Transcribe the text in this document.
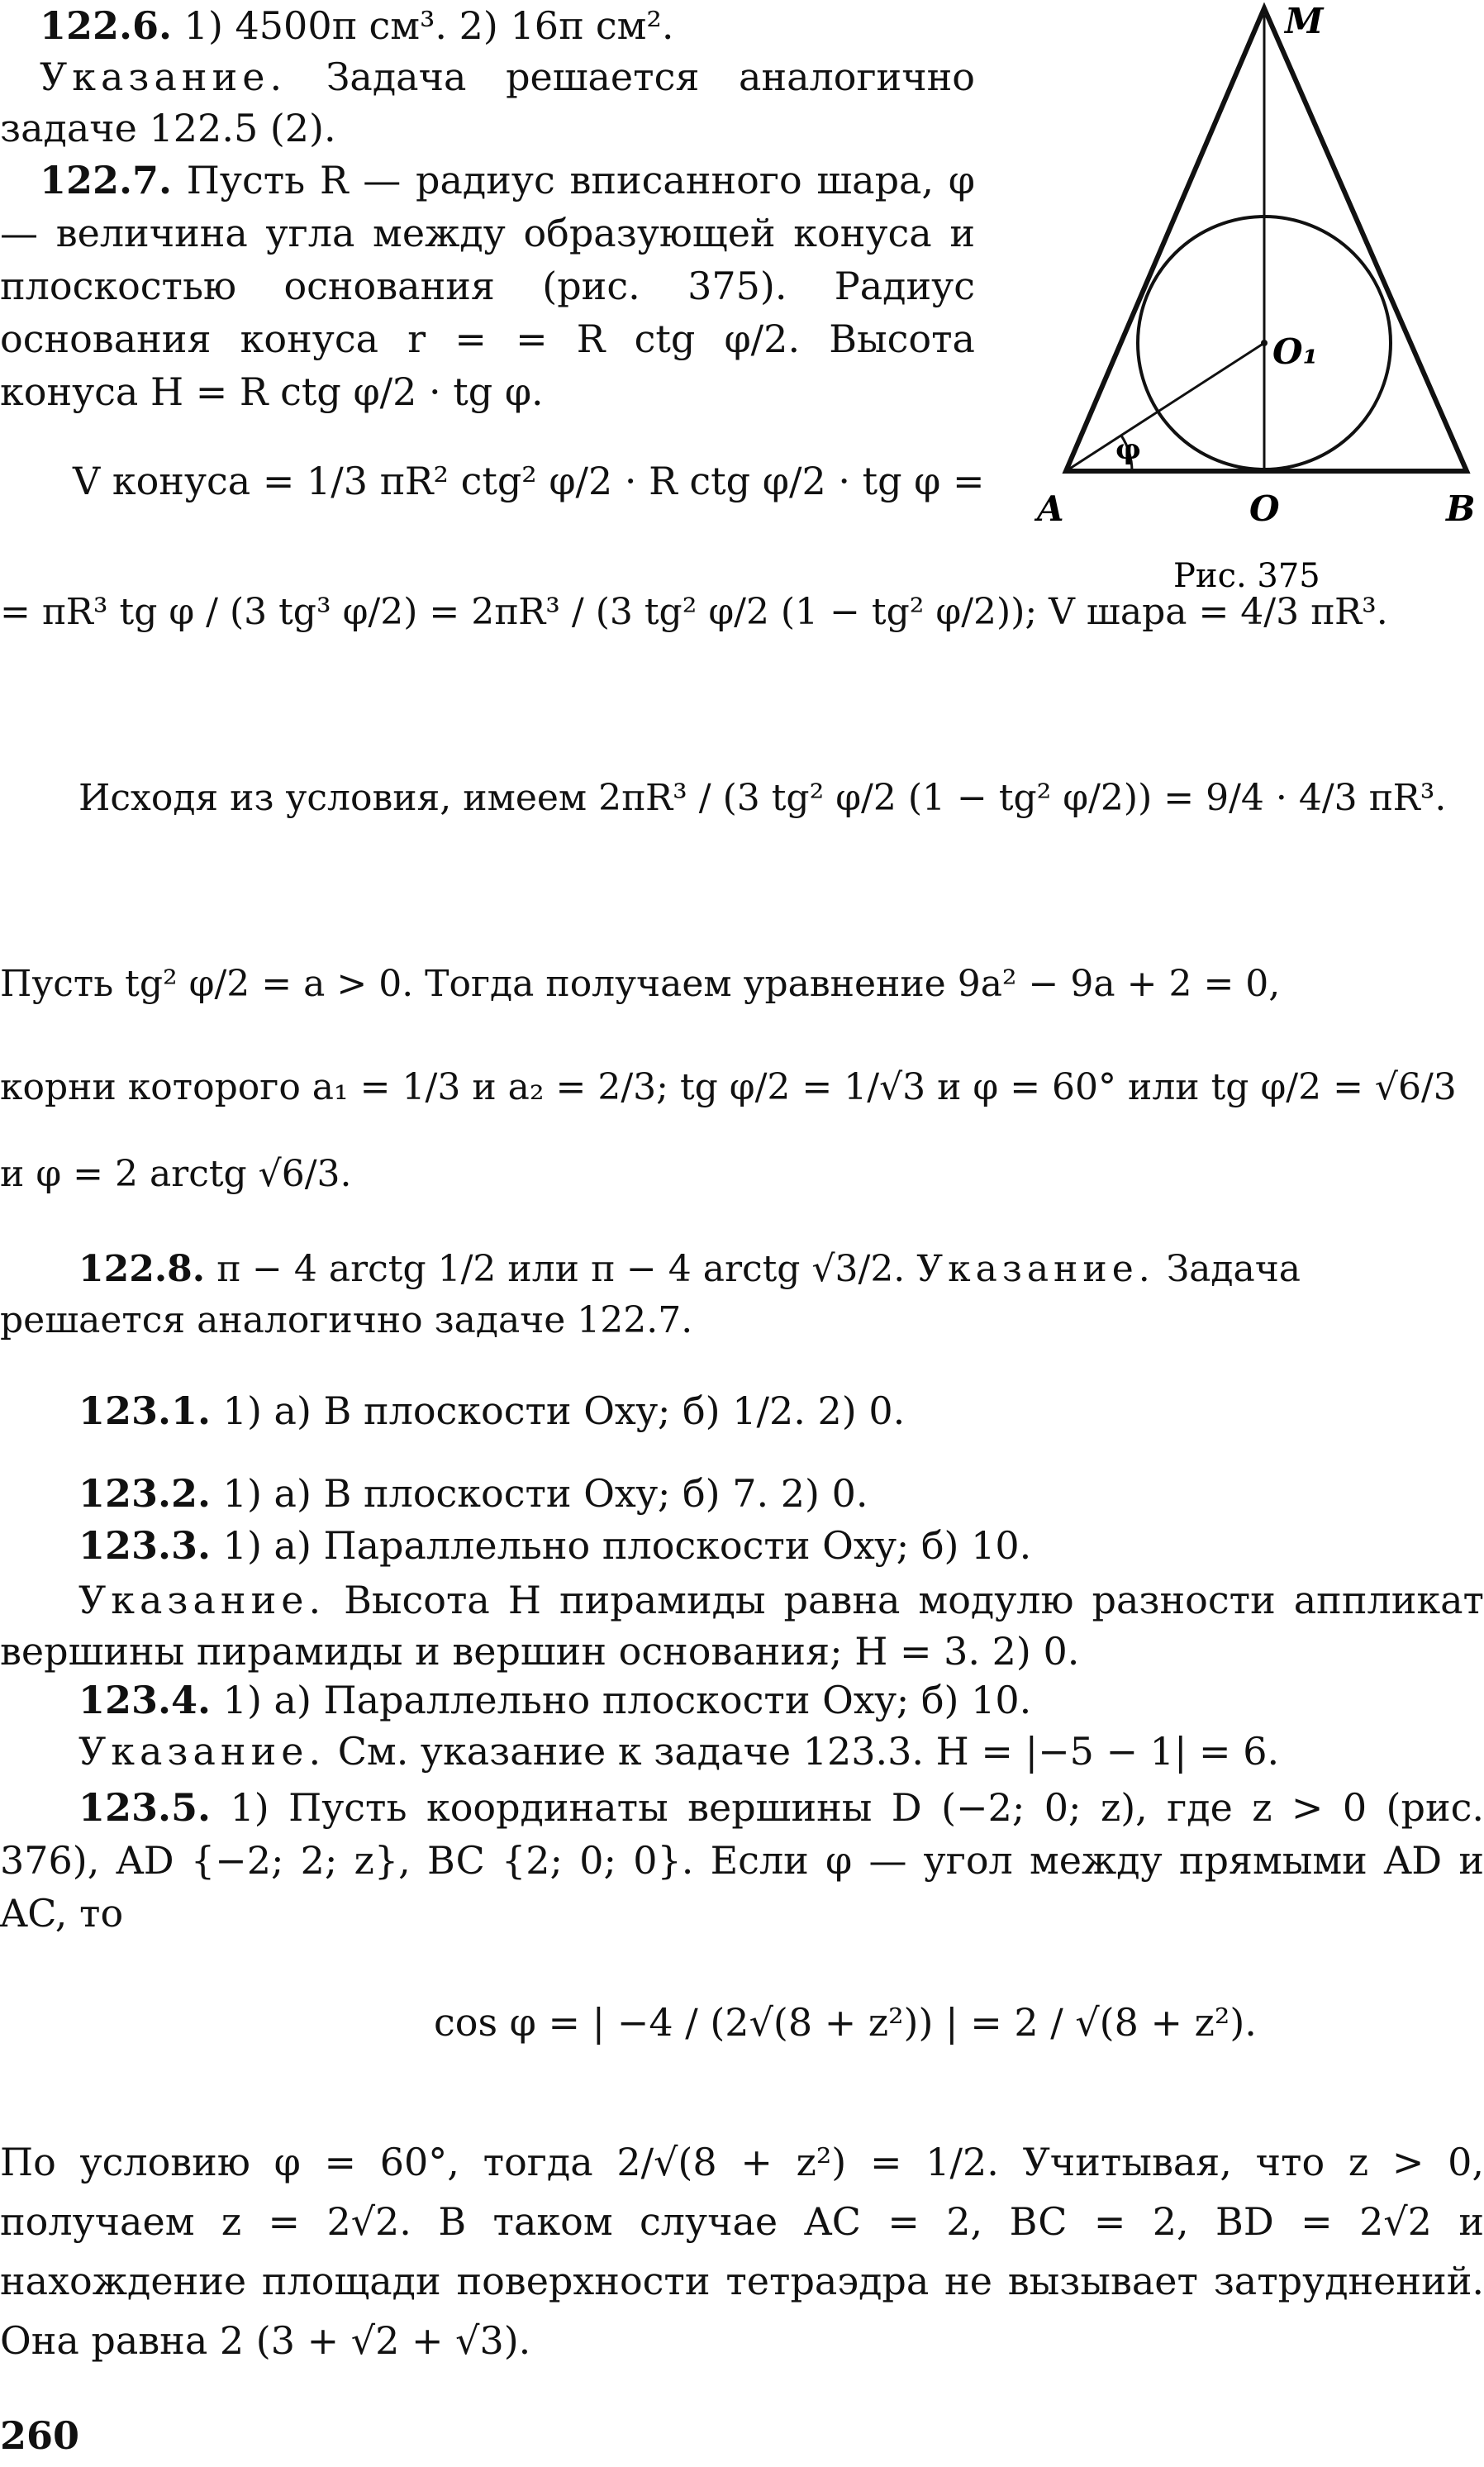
122.6. 1) 4500π см³. 2) 16π см².
Указание. Задача решается аналогично задаче 122.5 (2).
122.7. Пусть R — радиус вписанного шара, φ — величина угла между образующей конуса и плоскостью основания (рис. 375). Радиус основания конуса r = = R ctg φ/2. Высота конуса H = R ctg φ/2 · tg φ.
V конуса = 1/3 πR² ctg² φ/2 · R ctg φ/2 · tg φ =
= πR³ tg φ / (3 tg³ φ/2) = 2πR³ / (3 tg² φ/2 (1 − tg² φ/2)); V шара = 4/3 πR³.
Исходя из условия, имеем 2πR³ / (3 tg² φ/2 (1 − tg² φ/2)) = 9/4 · 4/3 πR³.
Пусть tg² φ/2 = a > 0. Тогда получаем уравнение 9a² − 9a + 2 = 0,
корни которого a₁ = 1/3 и a₂ = 2/3; tg φ/2 = 1/√3 и φ = 60° или tg φ/2 = √6/3
и φ = 2 arctg √6/3.
122.8. π − 4 arctg 1/2 или π − 4 arctg √3/2. Указание. Задача решается аналогично задаче 122.7.
123.1. 1) а) В плоскости Oxy; б) 1/2. 2) 0.
123.2. 1) а) В плоскости Oxy; б) 7. 2) 0.
123.3. 1) а) Параллельно плоскости Oxy; б) 10.
Указание. Высота H пирамиды равна модулю разности аппликат вершины пирамиды и вершин основания; H = 3. 2) 0.
123.4. 1) а) Параллельно плоскости Oxy; б) 10.
Указание. См. указание к задаче 123.3. H = |−5 − 1| = 6.
123.5. 1) Пусть координаты вершины D (−2; 0; z), где z > 0 (рис. 376), AD {−2; 2; z}, BC {2; 0; 0}. Если φ — угол между прямыми AD и AC, то
cos φ = | −4 / (2√(8 + z²)) | = 2 / √(8 + z²).
По условию φ = 60°, тогда 2/√(8 + z²) = 1/2. Учитывая, что z > 0, получаем z = 2√2. В таком случае AC = 2, BC = 2, BD = 2√2 и нахождение площади поверхности тетраэдра не вызывает затруднений. Она равна 2 (3 + √2 + √3).
260
M
O₁
φ
A	O	B
Рис. 375
